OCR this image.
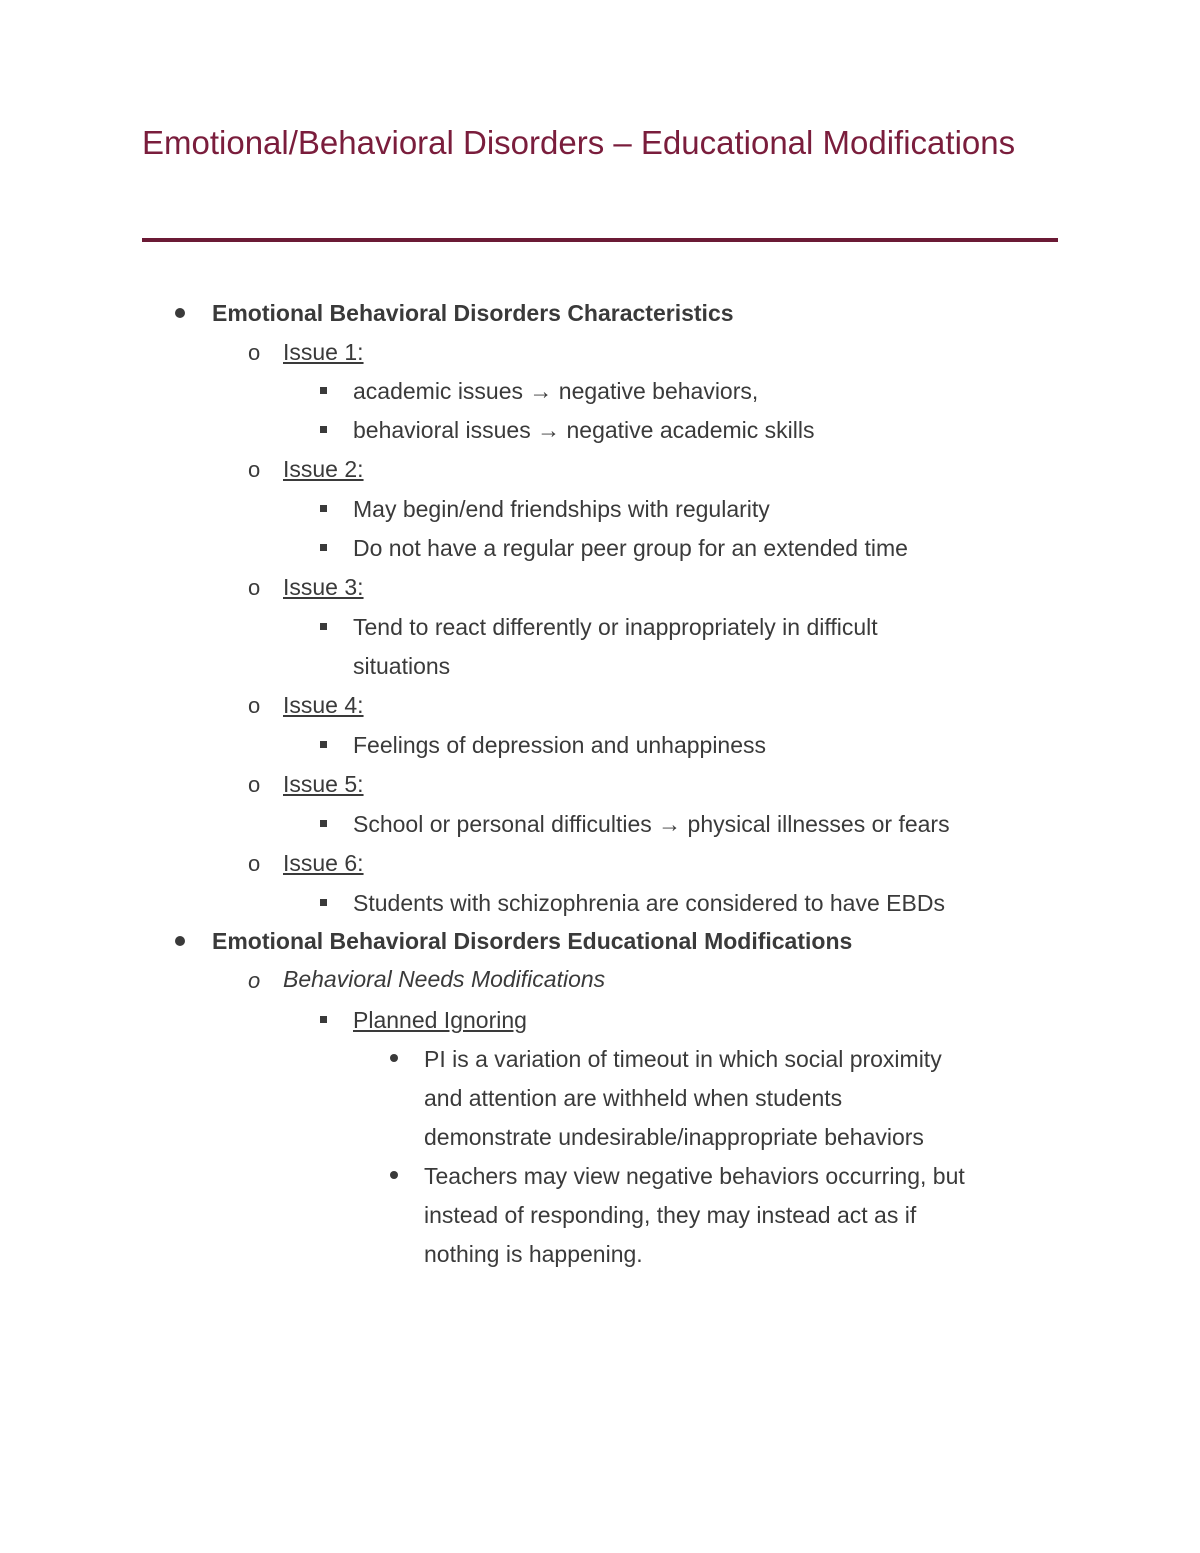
Emotional/Behavioral Disorders – Educational Modifications
Emotional Behavioral Disorders Characteristics
o Issue 1:
academic issues → negative behaviors,
behavioral issues → negative academic skills
o Issue 2:
May begin/end friendships with regularity
Do not have a regular peer group for an extended time
o Issue 3:
Tend to react differently or inappropriately in difficult
situations
o Issue 4:
Feelings of depression and unhappiness
o Issue 5:
School or personal difficulties → physical illnesses or fears
o Issue 6:
Students with schizophrenia are considered to have EBDs
Emotional Behavioral Disorders Educational Modifications
o Behavioral Needs Modifications
Planned Ignoring
PI is a variation of timeout in which social proximity
and attention are withheld when students
demonstrate undesirable/inappropriate behaviors
Teachers may view negative behaviors occurring, but
instead of responding, they may instead act as if
nothing is happening.
